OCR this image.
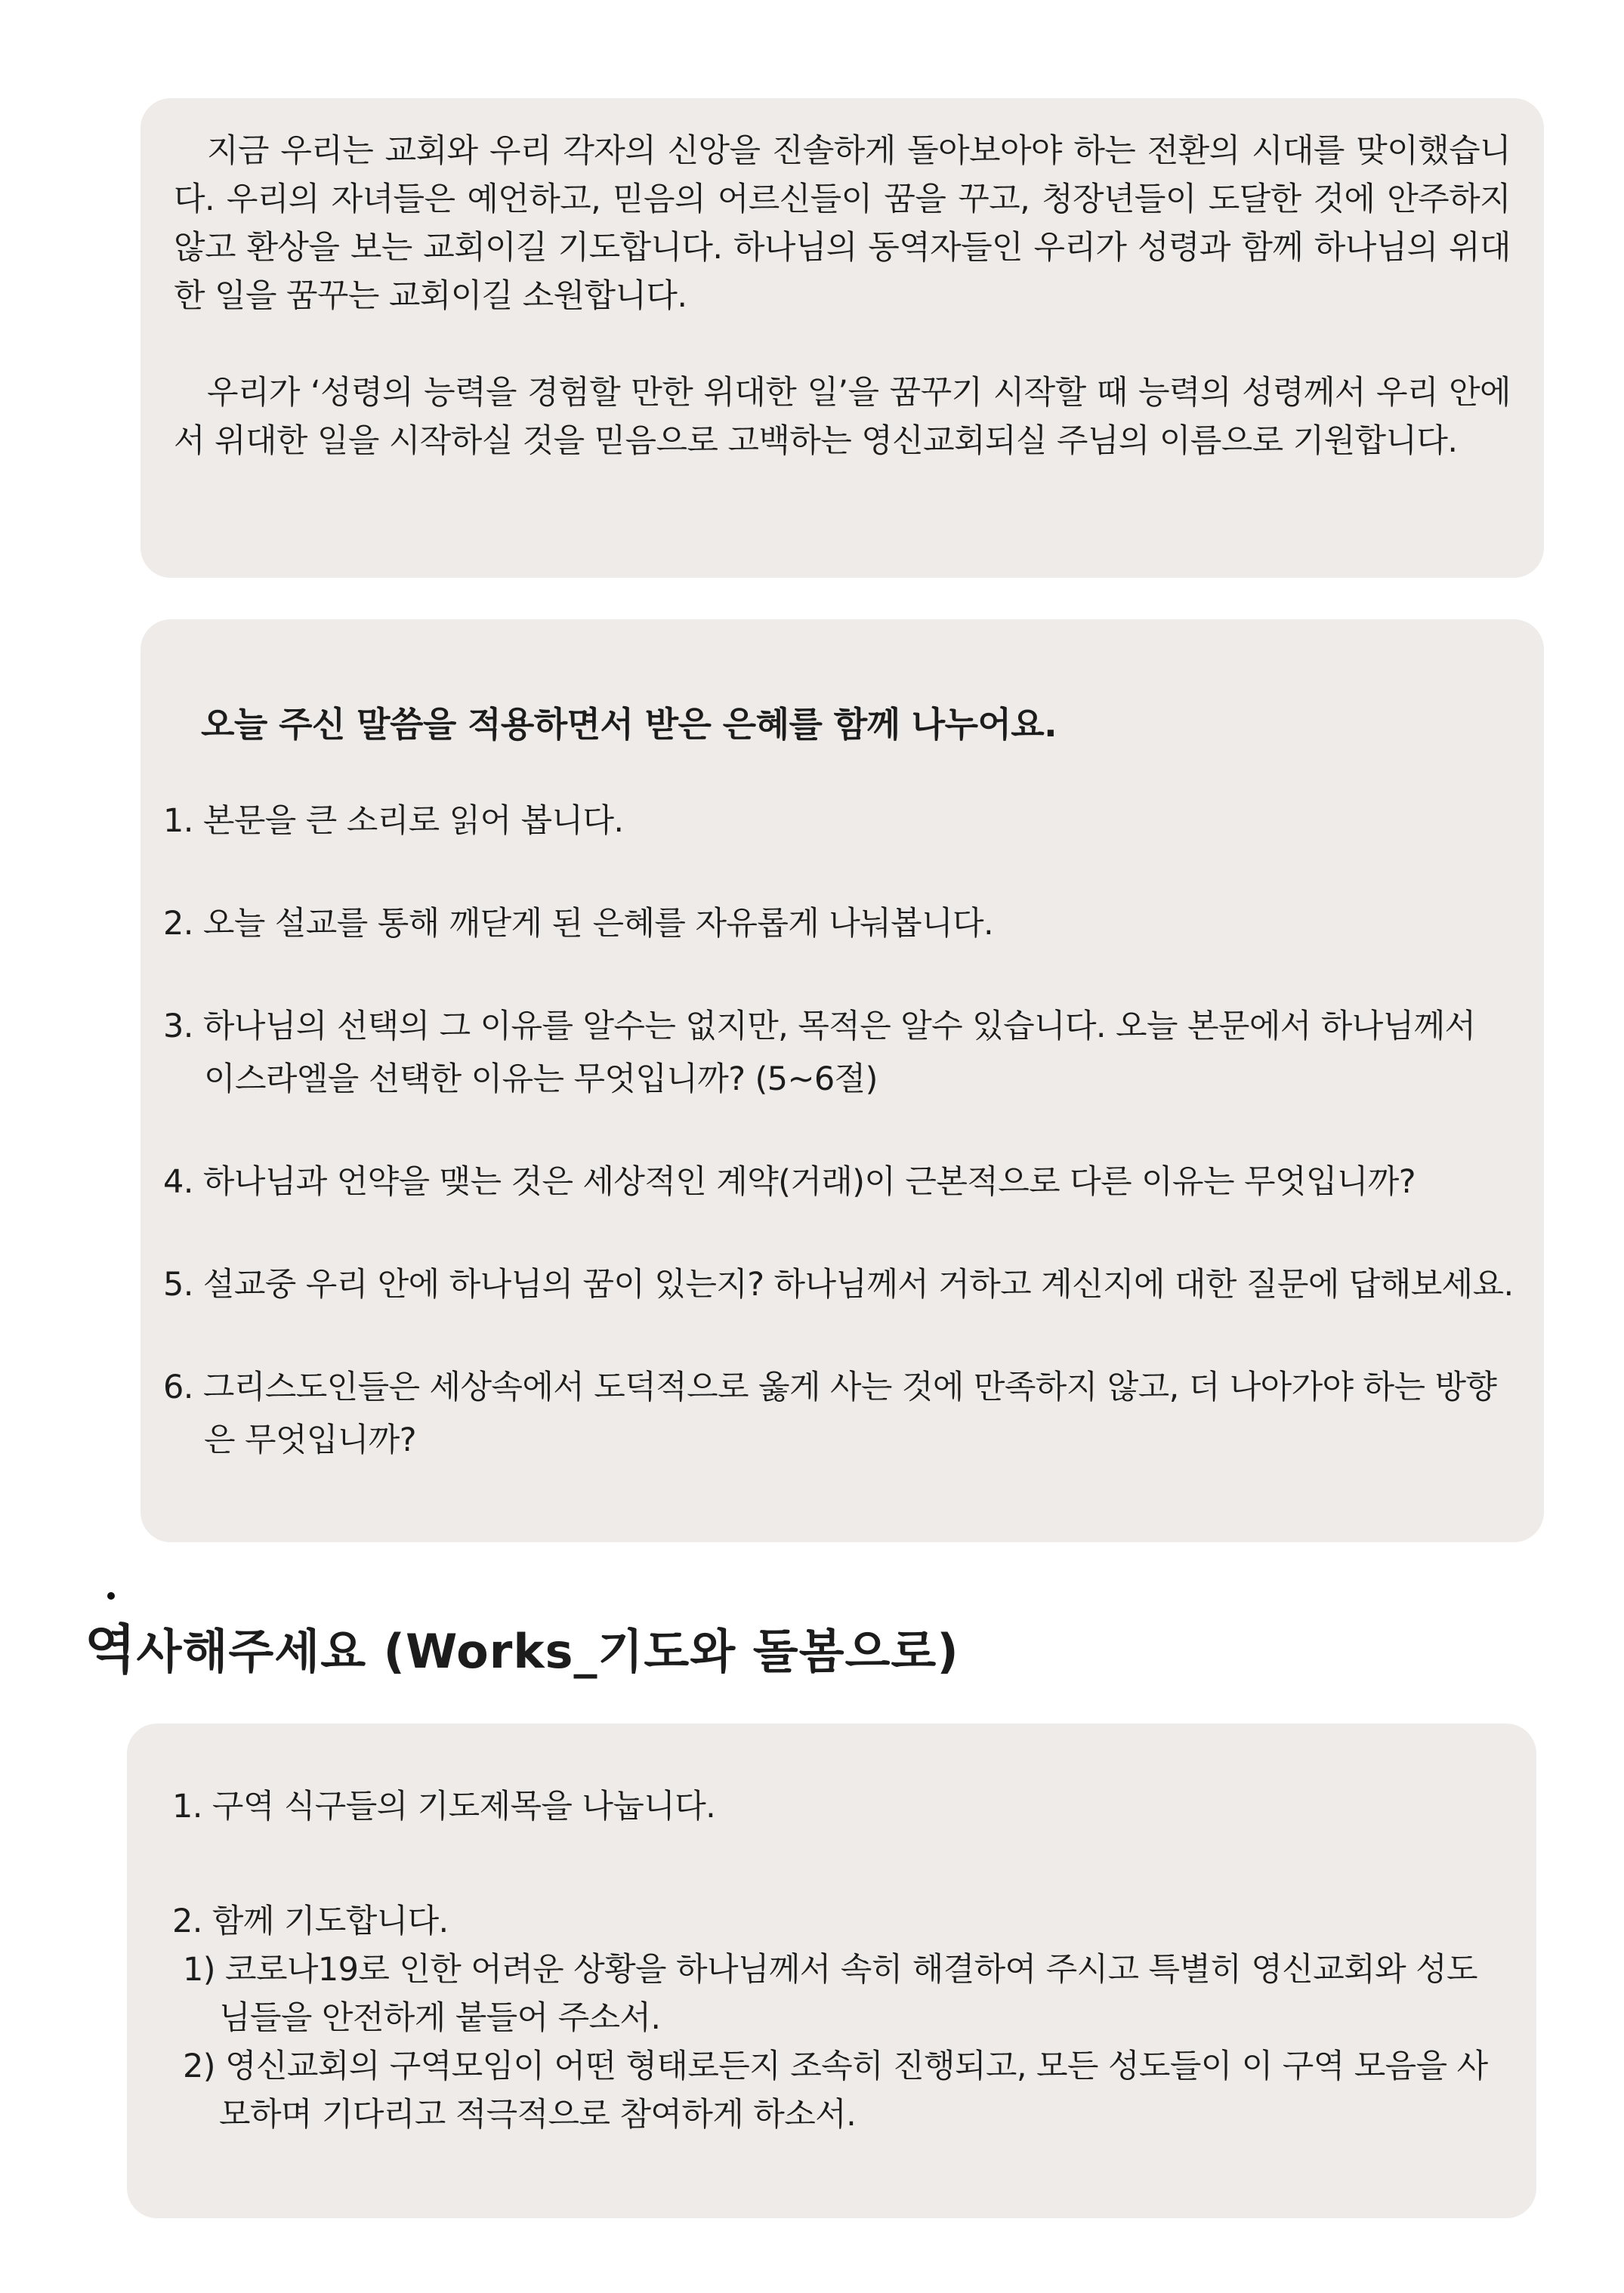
지금 우리는 교회와 우리 각자의 신앙을 진솔하게 돌아보아야 하는 전환의 시대를 맞이했습니다. 우리의 자녀들은 예언하고, 믿음의 어르신들이 꿈을 꾸고, 청장년들이 도달한 것에 안주하지 않고 환상을 보는 교회이길 기도합니다. 하나님의 동역자들인 우리가 성령과 함께 하나님의 위대한 일을 꿈꾸는 교회이길 소원합니다.

우리가 ‘성령의 능력을 경험할 만한 위대한 일’을 꿈꾸기 시작할 때 능력의 성령께서 우리 안에서 위대한 일을 시작하실 것을 믿음으로 고백하는 영신교회되실 주님의 이름으로 기원합니다.

오늘 주신 말씀을 적용하면서 받은 은혜를 함께 나누어요.

1. 본문을 큰 소리로 읽어 봅니다.
2. 오늘 설교를 통해 깨닫게 된 은혜를 자유롭게 나눠봅니다.
3. 하나님의 선택의 그 이유를 알수는 없지만, 목적은 알수 있습니다. 오늘 본문에서 하나님께서 이스라엘을 선택한 이유는 무엇입니까? (5~6절)
4. 하나님과 언약을 맺는 것은 세상적인 계약(거래)이 근본적으로 다른 이유는 무엇입니까?
5. 설교중 우리 안에 하나님의 꿈이 있는지? 하나님께서 거하고 계신지에 대한 질문에 답해보세요.
6. 그리스도인들은 세상속에서 도덕적으로 옳게 사는 것에 만족하지 않고, 더 나아가야 하는 방향은 무엇입니까?
역사해주세요 (Works_기도와 돌봄으로)
1. 구역 식구들의 기도제목을 나눕니다.
2. 함께 기도합니다.
1) 코로나19로 인한 어려운 상황을 하나님께서 속히 해결하여 주시고 특별히 영신교회와 성도님들을 안전하게 붙들어 주소서.
2) 영신교회의 구역모임이 어떤 형태로든지 조속히 진행되고, 모든 성도들이 이 구역 모음을 사모하며 기다리고 적극적으로 참여하게 하소서.
